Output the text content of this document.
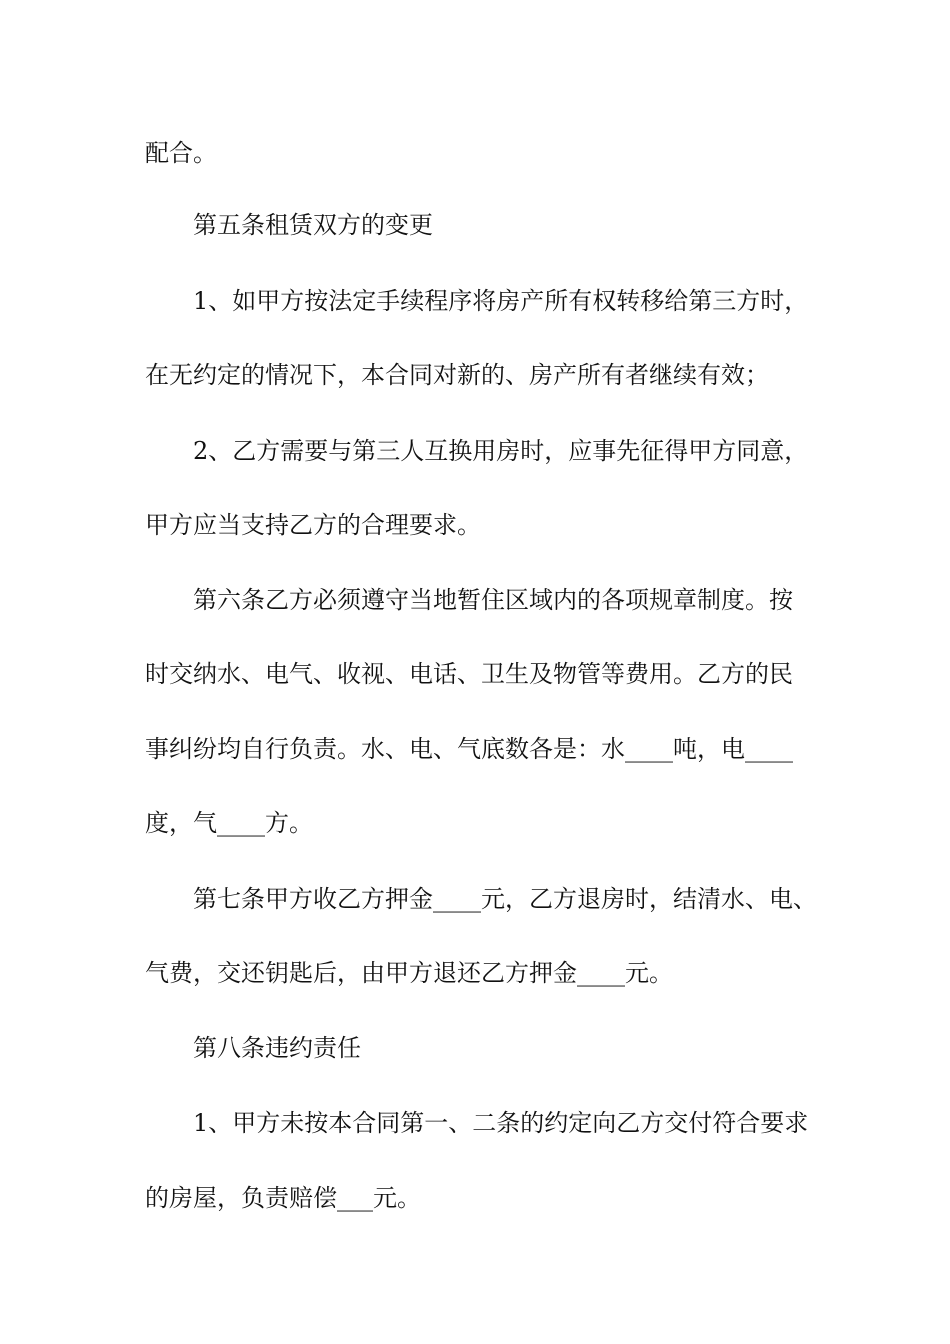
配合。
第五条租赁双方的变更
1、如甲方按法定手续程序将房产所有权转移给第三方时，
在无约定的情况下，本合同对新的、房产所有者继续有效；
2、乙方需要与第三人互换用房时，应事先征得甲方同意，
甲方应当支持乙方的合理要求。
第六条乙方必须遵守当地暂住区域内的各项规章制度。按
时交纳水、电气、收视、电话、卫生及物管等费用。乙方的民
事纠纷均自行负责。水、电、气底数各是：水____吨，电____
度，气____方。
第七条甲方收乙方押金____元，乙方退房时，结清水、电、
气费，交还钥匙后，由甲方退还乙方押金____元。
第八条违约责任
1、甲方未按本合同第一、二条的约定向乙方交付符合要求
的房屋，负责赔偿___元。
